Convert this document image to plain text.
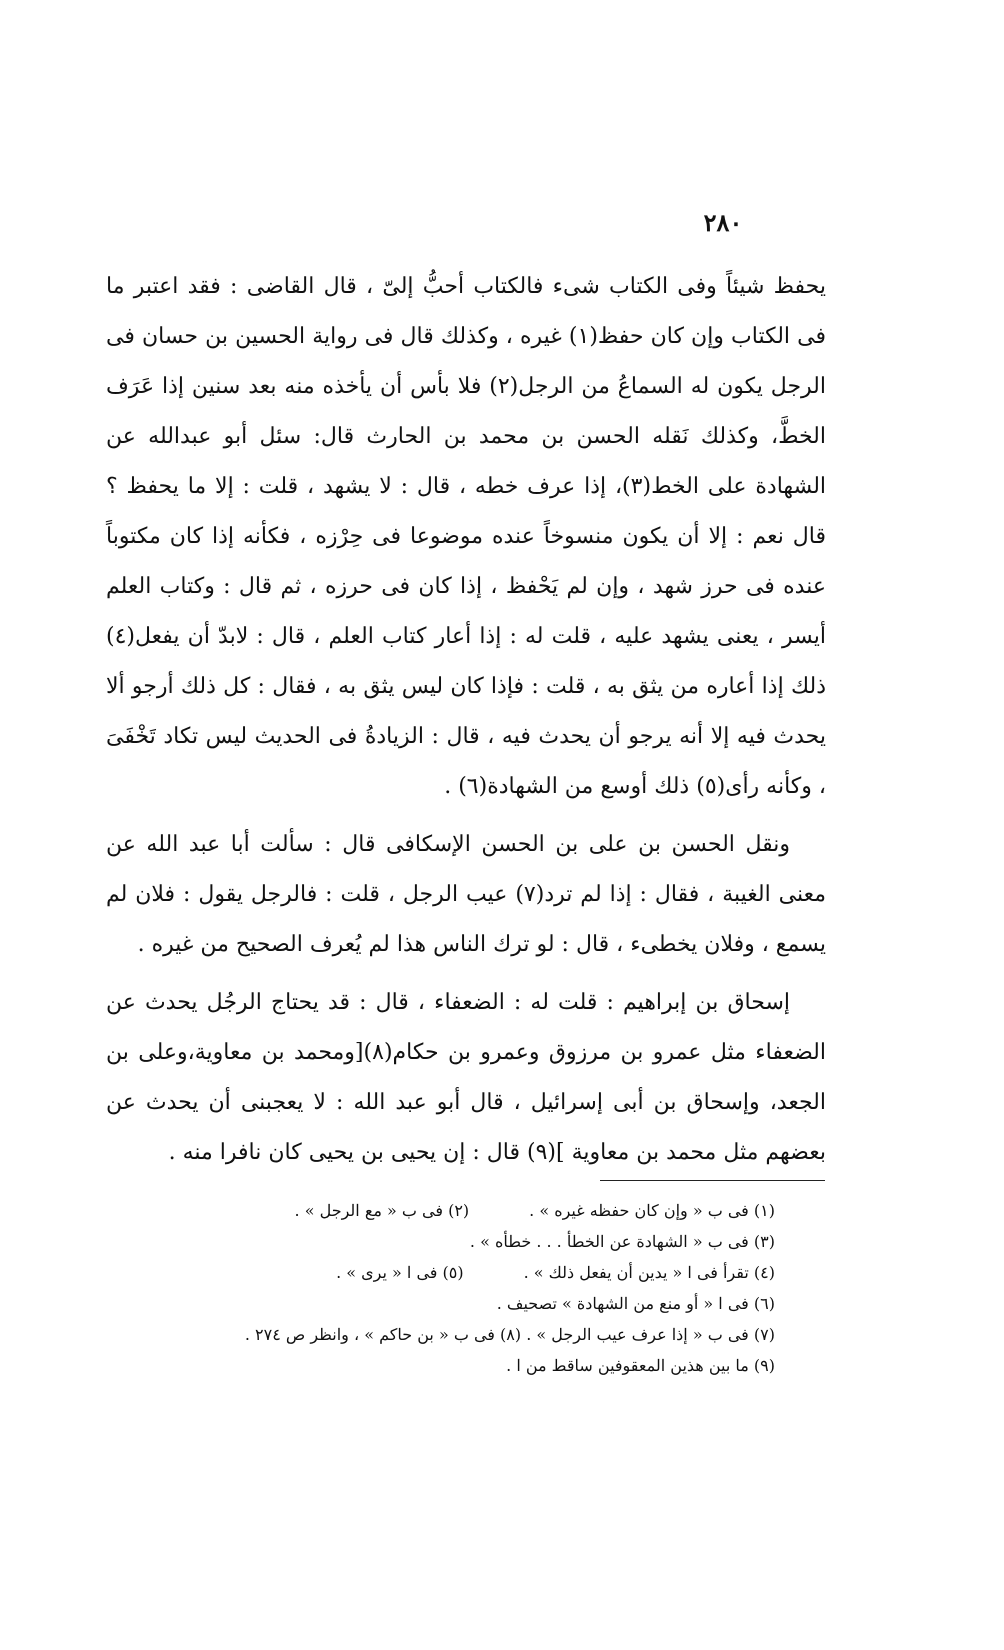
٢٨٠

يحفظ شيئاً وفى الكتاب شىء فالكتاب أحبُّ إلىّ ، قال القاضى : فقد اعتبر ما فى الكتاب وإن كان حفظ(١) غيره ، وكذلك قال فى رواية الحسين بن حسان فى الرجل يكون له السماعُ من الرجل(٢) فلا بأس أن يأخذه منه بعد سنين إذا عَرَف الخطَّ، وكذلك نَقله الحسن بن محمد بن الحارث قال: سئل أبو عبدالله عن الشهادة على الخط(٣)، إذا عرف خطه ، قال : لا يشهد ، قلت : إلا ما يحفظ ؟ قال نعم : إلا أن يكون منسوخاً عنده موضوعا فى حِرْزه ، فكأنه إذا كان مكتوباً عنده فى حرز شهد ، وإن لم يَحْفظ ، إذا كان فى حرزه ، ثم قال : وكتاب العلم أيسر ، يعنى يشهد عليه ، قلت له : إذا أعار كتاب العلم ، قال : لابدّ أن يفعل(٤) ذلك إذا أعاره من يثق به ، قلت : فإذا كان ليس يثق به ، فقال : كل ذلك أرجو ألا يحدث فيه إلا أنه يرجو أن يحدث فيه ، قال : الزيادةُ فى الحديث ليس تكاد تَخْفَىَ ، وكأنه رأى(٥) ذلك أوسع من الشهادة(٦) .

ونقل الحسن بن على بن الحسن الإسكافى قال : سألت أبا عبد الله عن معنى الغيبة ، فقال : إذا لم ترد(٧) عيب الرجل ، قلت : فالرجل يقول : فلان لم يسمع ، وفلان يخطىء ، قال : لو ترك الناس هذا لم يُعرف الصحيح من غيره .

إسحاق بن إبراهيم : قلت له : الضعفاء ، قال : قد يحتاج الرجُل يحدث عن الضعفاء مثل عمرو بن مرزوق وعمرو بن حكام(٨)[ومحمد بن معاوية،وعلى بن الجعد، وإسحاق بن أبى إسرائيل ، قال أبو عبد الله : لا يعجبنى أن يحدث عن بعضهم مثل محمد بن معاوية ](٩) قال : إن يحيى بن يحيى كان نافرا منه .

(١) فى ب « وإن كان حفظه غيره » .
(٢) فى ب « مع الرجل » .
(٣) فى ب « الشهادة عن الخطأ . . . خطأه » .
(٤) تقرأ فى ا « يدين أن يفعل ذلك » .
(٥) فى ا « يرى » .
(٦) فى ا « أو منع من الشهادة » تصحيف .
(٧) فى ب « إذا عرف عيب الرجل » . (٨) فى ب « بن حاكم » ، وانظر ص ٢٧٤ .
(٩) ما بين هذين المعقوفين ساقط من ا .
